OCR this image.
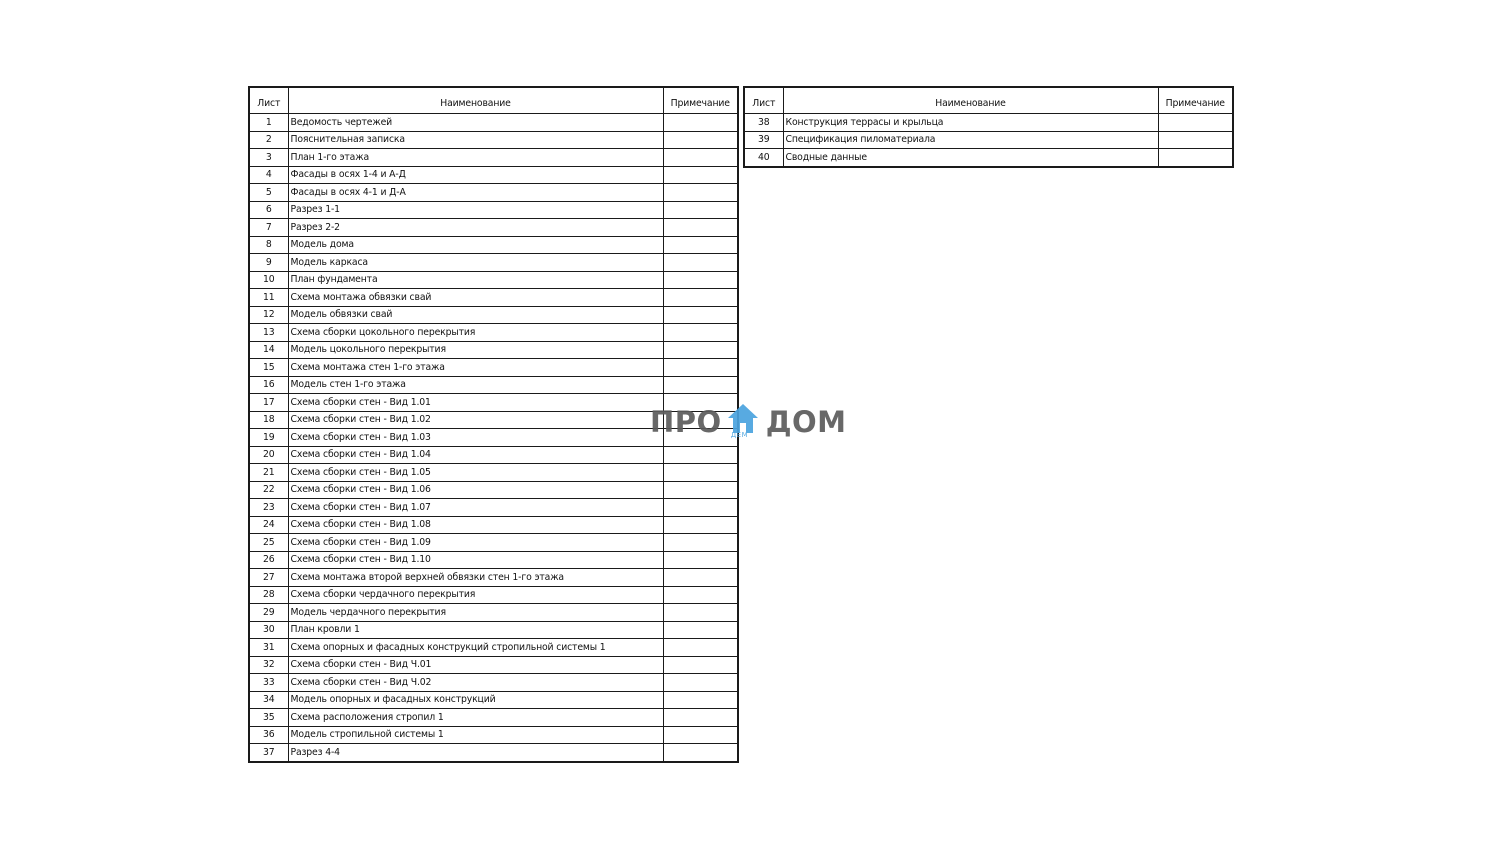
Лист	Наименование	Примечание
1	Ведомость чертежей	
2	Пояснительная записка	
3	План 1-го этажа	
4	Фасады в осях 1-4 и А-Д	
5	Фасады в осях 4-1 и Д-А	
6	Разрез 1-1	
7	Разрез 2-2	
8	Модель дома	
9	Модель каркаса	
10	План фундамента	
11	Схема монтажа обвязки свай	
12	Модель обвязки свай	
13	Схема сборки цокольного перекрытия	
14	Модель цокольного перекрытия	
15	Схема монтажа стен 1-го этажа	
16	Модель стен 1-го этажа	
17	Схема сборки стен - Вид 1.01	
18	Схема сборки стен - Вид 1.02	
19	Схема сборки стен - Вид 1.03	
20	Схема сборки стен - Вид 1.04	
21	Схема сборки стен - Вид 1.05	
22	Схема сборки стен - Вид 1.06	
23	Схема сборки стен - Вид 1.07	
24	Схема сборки стен - Вид 1.08	
25	Схема сборки стен - Вид 1.09	
26	Схема сборки стен - Вид 1.10	
27	Схема монтажа второй верхней обвязки стен 1-го этажа	
28	Схема сборки чердачного перекрытия	
29	Модель чердачного перекрытия	
30	План кровли 1	
31	Схема опорных и фасадных конструкций стропильной системы 1	
32	Схема сборки стен - Вид Ч.01	
33	Схема сборки стен - Вид Ч.02	
34	Модель опорных и фасадных конструкций	
35	Схема расположения стропил 1	
36	Модель стропильной системы 1	
37	Разрез 4-4	
Лист	Наименование	Примечание
38	Конструкция террасы и крыльца	
39	Спецификация пиломатериала	
40	Сводные данные	
ПРО ДЕМ ДОМ
